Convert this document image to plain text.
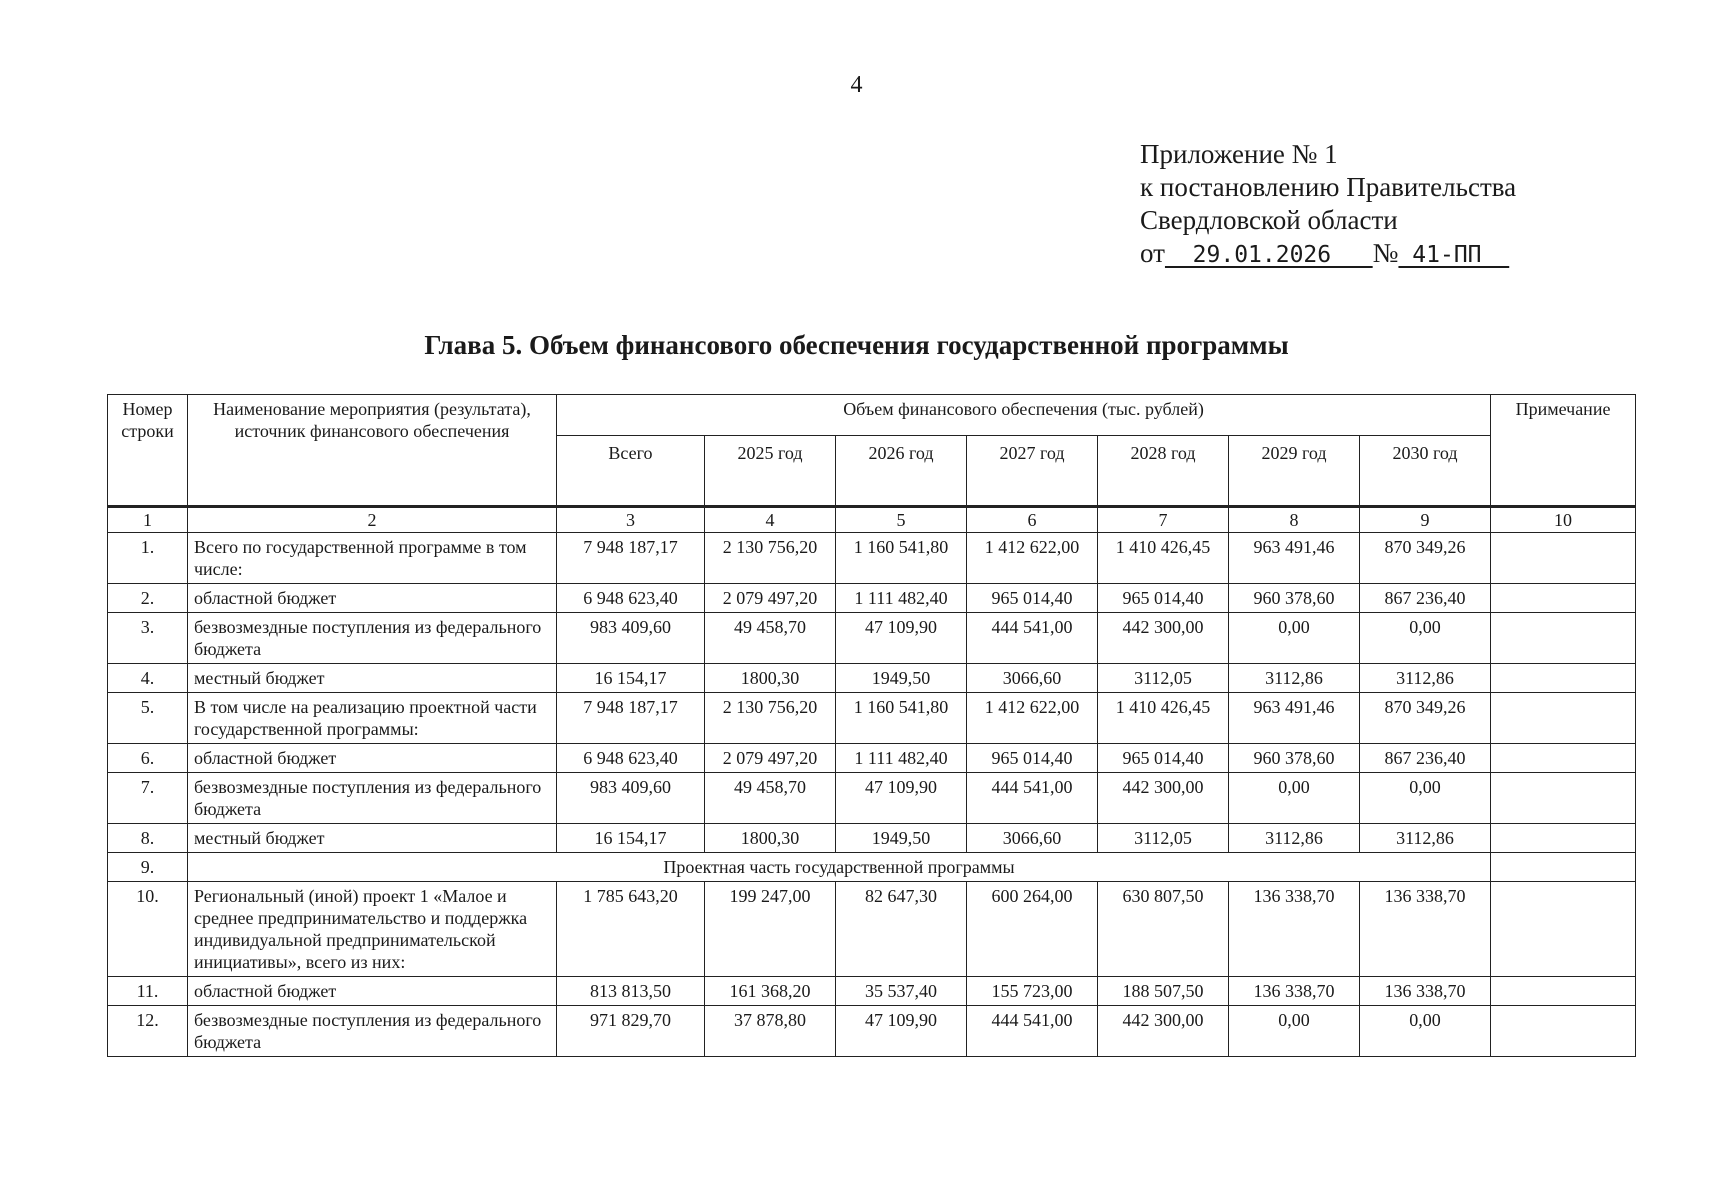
4
Приложение № 1
к постановлению Правительства
Свердловской области
от  29.01.2026   № 41-ПП
Глава 5. Объем финансового обеспечения государственной программы
Номер строки	Наименование мероприятия (результата), источник финансового обеспечения	Объем финансового обеспечения (тыс. рублей)							Примечание
		Всего	2025 год	2026 год	2027 год	2028 год	2029 год	2030 год	
1	2	3	4	5	6	7	8	9	10
1.	Всего по государственной программе в том числе:	7 948 187,17	2 130 756,20	1 160 541,80	1 412 622,00	1 410 426,45	963 491,46	870 349,26	
2.	областной бюджет	6 948 623,40	2 079 497,20	1 111 482,40	965 014,40	965 014,40	960 378,60	867 236,40	
3.	безвозмездные поступления из федерального бюджета	983 409,60	49 458,70	47 109,90	444 541,00	442 300,00	0,00	0,00	
4.	местный бюджет	16 154,17	1800,30	1949,50	3066,60	3112,05	3112,86	3112,86	
5.	В том числе на реализацию проектной части государственной программы:	7 948 187,17	2 130 756,20	1 160 541,80	1 412 622,00	1 410 426,45	963 491,46	870 349,26	
6.	областной бюджет	6 948 623,40	2 079 497,20	1 111 482,40	965 014,40	965 014,40	960 378,60	867 236,40	
7.	безвозмездные поступления из федерального бюджета	983 409,60	49 458,70	47 109,90	444 541,00	442 300,00	0,00	0,00	
8.	местный бюджет	16 154,17	1800,30	1949,50	3066,60	3112,05	3112,86	3112,86	
9.	Проектная часть государственной программы								
10.	Региональный (иной) проект 1 «Малое и среднее предпринимательство и поддержка индивидуальной предпринимательской инициативы», всего из них:	1 785 643,20	199 247,00	82 647,30	600 264,00	630 807,50	136 338,70	136 338,70	
11.	областной бюджет	813 813,50	161 368,20	35 537,40	155 723,00	188 507,50	136 338,70	136 338,70	
12.	безвозмездные поступления из федерального бюджета	971 829,70	37 878,80	47 109,90	444 541,00	442 300,00	0,00	0,00	
